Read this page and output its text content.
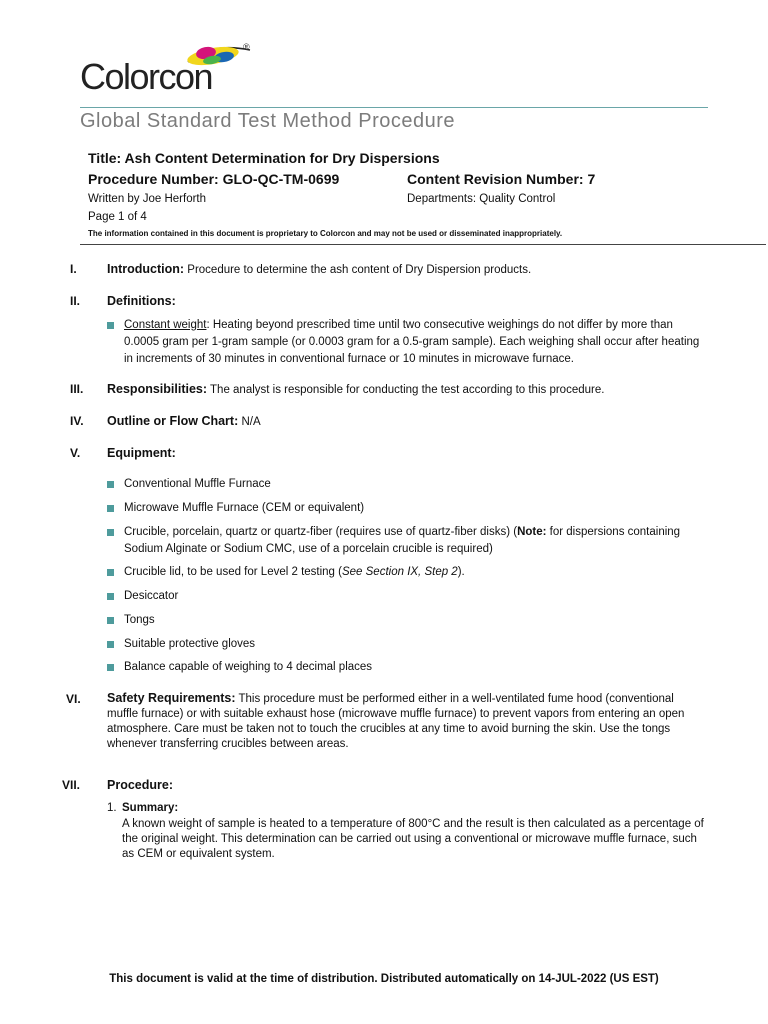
Colorcon
®
Global Standard Test Method Procedure
Title: Ash Content Determination for Dry Dispersions
Procedure Number: GLO-QC-TM-0699	Content Revision Number: 7
Written by Joe Herforth	Departments: Quality Control
Page 1 of 4
The information contained in this document is proprietary to Colorcon and may not be used or disseminated inappropriately.
I.	Introduction: Procedure to determine the ash content of Dry Dispersion products.
II.	Definitions:
Constant weight: Heating beyond prescribed time until two consecutive weighings do not differ by more than 0.0005 gram per 1-gram sample (or 0.0003 gram for a 0.5-gram sample). Each weighing shall occur after heating in increments of 30 minutes in conventional furnace or 10 minutes in microwave furnace.
III.	Responsibilities: The analyst is responsible for conducting the test according to this procedure.
IV.	Outline or Flow Chart: N/A
V.	Equipment:
Conventional Muffle Furnace
Microwave Muffle Furnace (CEM or equivalent)
Crucible, porcelain, quartz or quartz-fiber (requires use of quartz-fiber disks) (Note: for dispersions containing Sodium Alginate or Sodium CMC, use of a porcelain crucible is required)
Crucible lid, to be used for Level 2 testing (See Section IX, Step 2).
Desiccator
Tongs
Suitable protective gloves
Balance capable of weighing to 4 decimal places
VI.	Safety Requirements: This procedure must be performed either in a well-ventilated fume hood (conventional muffle furnace) or with suitable exhaust hose (microwave muffle furnace) to prevent vapors from entering an open atmosphere. Care must be taken not to touch the crucibles at any time to avoid burning the skin. Use the tongs whenever transferring crucibles between areas.
VII.	Procedure:
1. Summary:
A known weight of sample is heated to a temperature of 800°C and the result is then calculated as a percentage of the original weight. This determination can be carried out using a conventional or microwave muffle furnace, such as CEM or equivalent system.
This document is valid at the time of distribution. Distributed automatically on 14-JUL-2022 (US EST)
